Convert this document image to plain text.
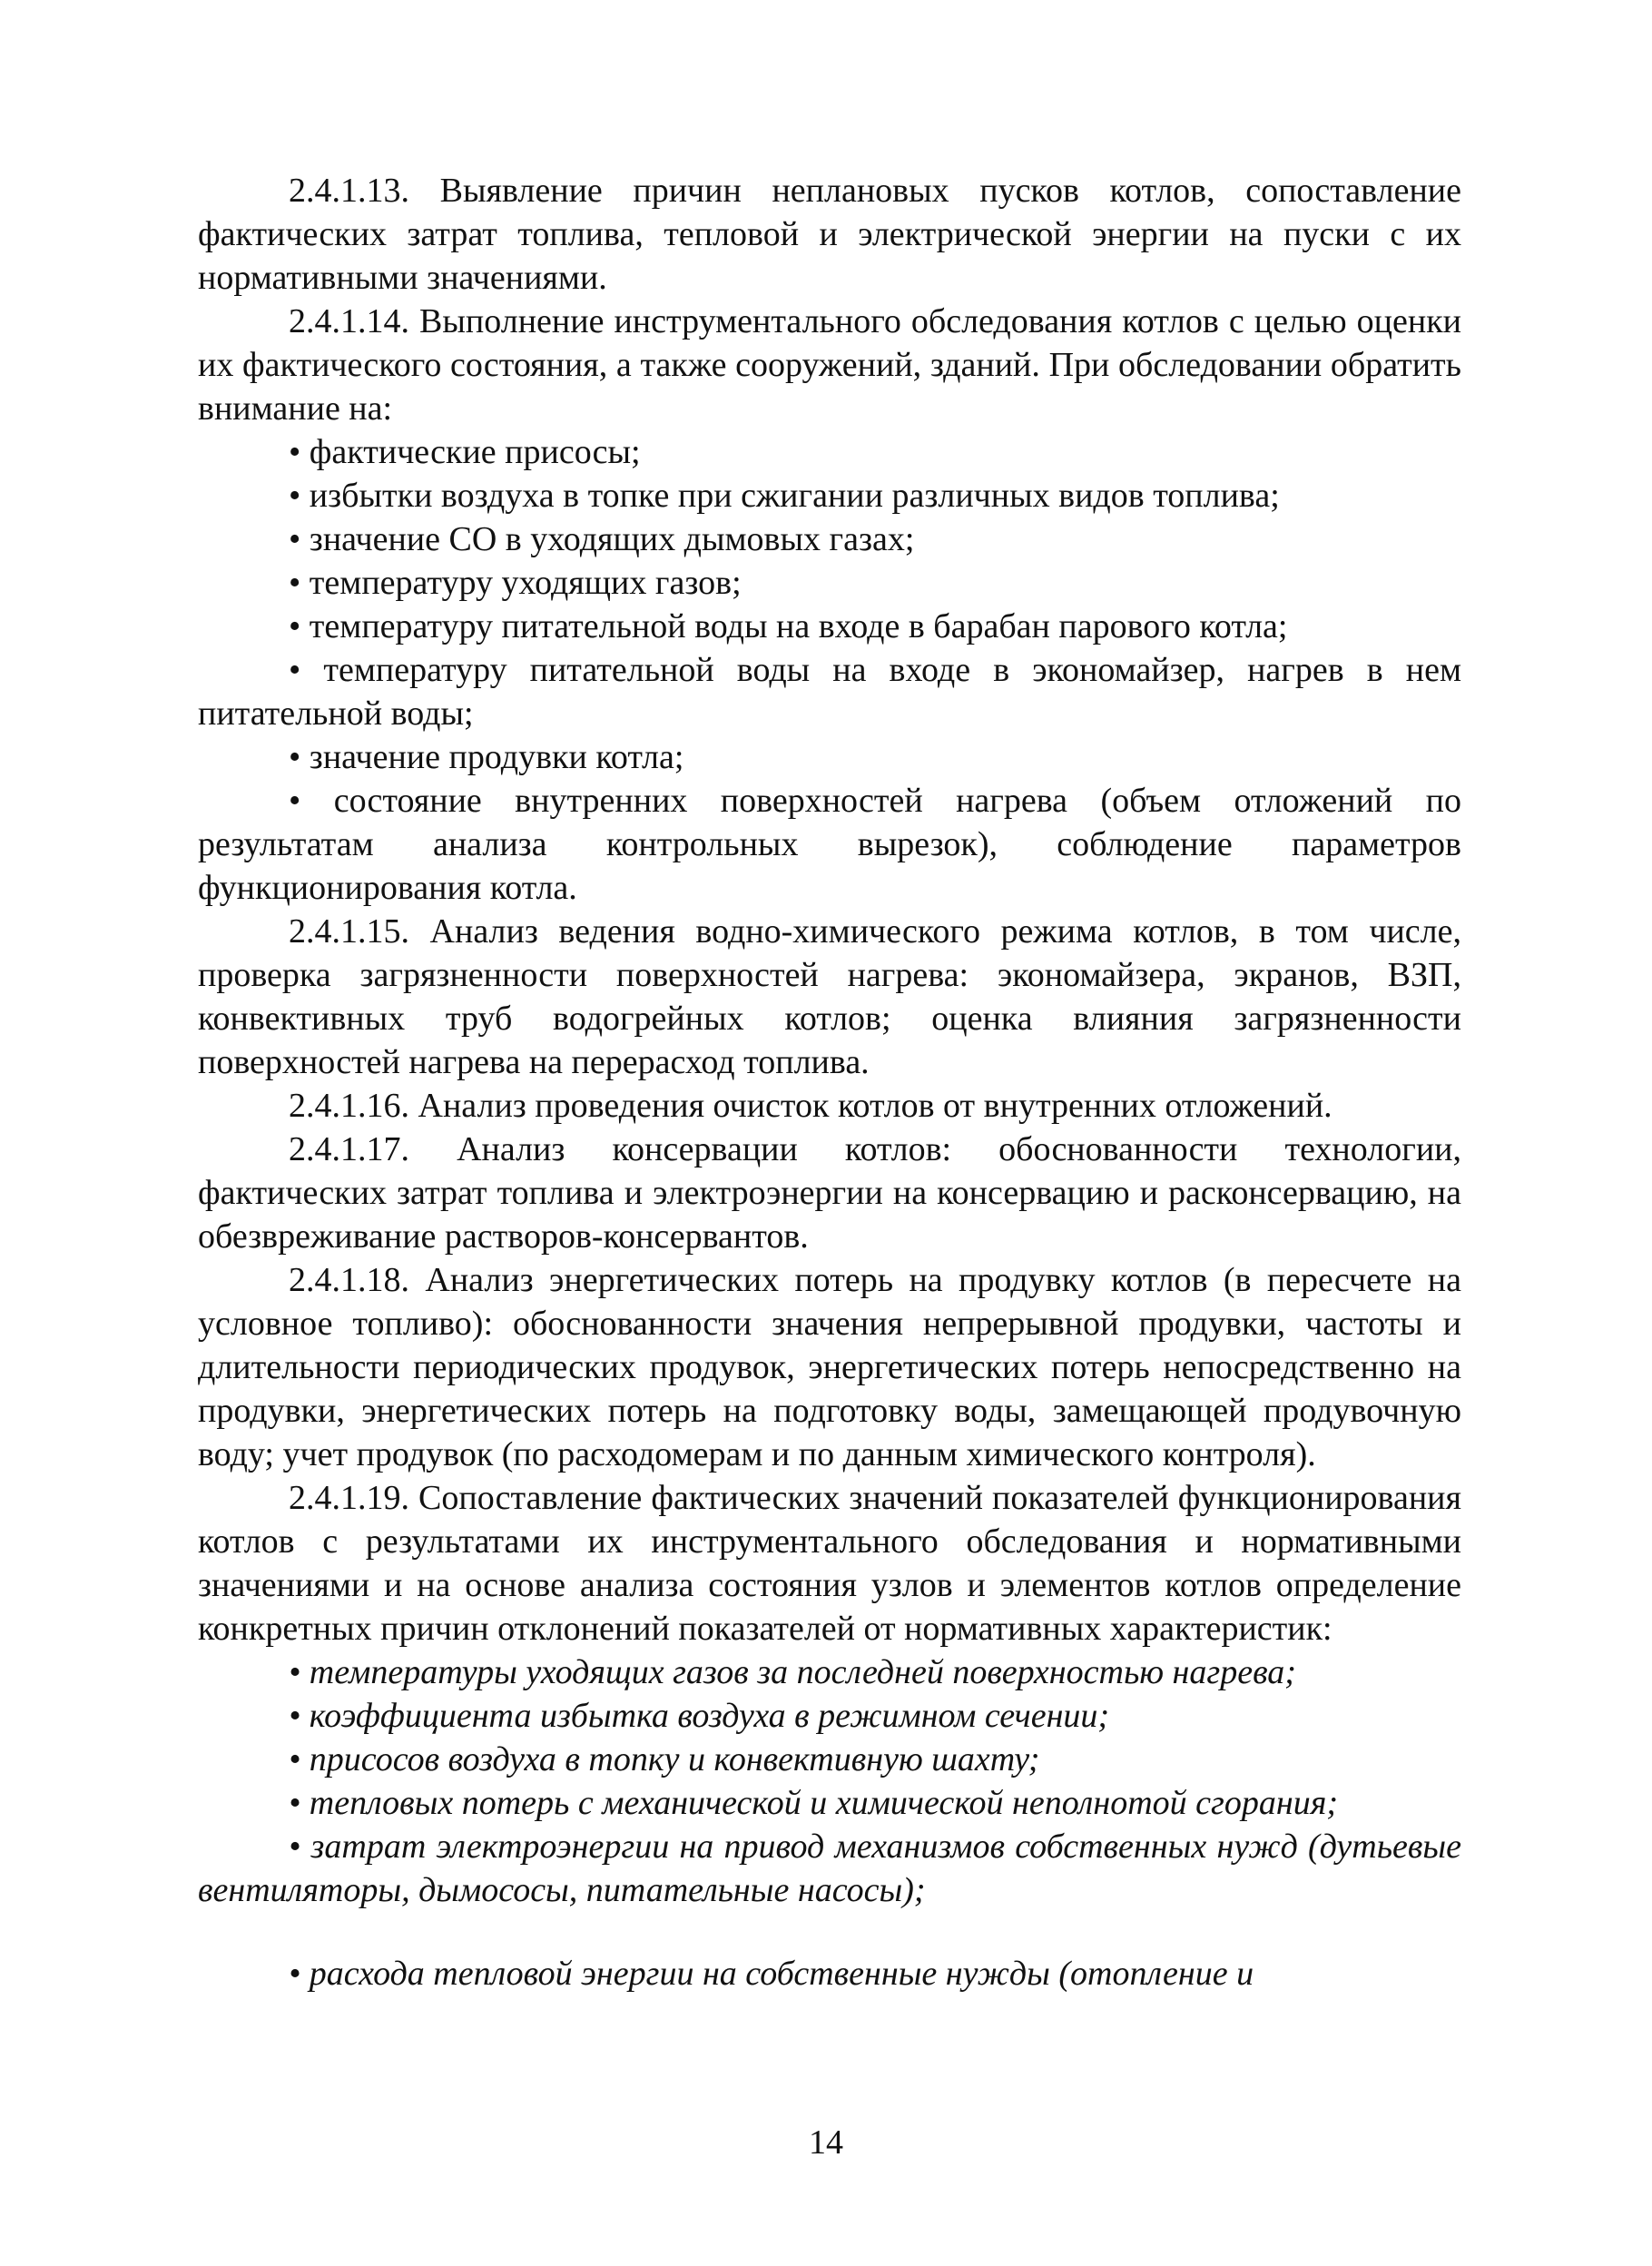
2.4.1.13. Выявление причин неплановых пусков котлов, сопоставление фактических затрат топлива, тепловой и электрической энергии на пуски с их нормативными значениями.

2.4.1.14. Выполнение инструментального обследования котлов с целью оценки их фактического состояния, а также сооружений, зданий. При обследовании обратить внимание на:

• фактические присосы;

• избытки воздуха в топке при сжигании различных видов топлива;

• значение СО в уходящих дымовых газах;

• температуру уходящих газов;

• температуру питательной воды на входе в барабан парового котла;

• температуру питательной воды на входе в экономайзер, нагрев в нем питательной воды;

• значение продувки котла;

• состояние внутренних поверхностей нагрева (объем отложений по результатам анализа контрольных вырезок), соблюдение параметров функционирования котла.

2.4.1.15. Анализ ведения водно-химического режима котлов, в том числе, проверка загрязненности поверхностей нагрева: экономайзера, экранов, ВЗП, конвективных труб водогрейных котлов; оценка влияния загрязненности поверхностей нагрева на перерасход топлива.

2.4.1.16. Анализ проведения очисток котлов от внутренних отложений.

2.4.1.17. Анализ консервации котлов: обоснованности технологии, фактических затрат топлива и электроэнергии на консервацию и расконсервацию, на обезвреживание растворов-консервантов.

2.4.1.18. Анализ энергетических потерь на продувку котлов (в пересчете на условное топливо): обоснованности значения непрерывной продувки, частоты и длительности периодических продувок, энергетических потерь непосредственно на продувки, энергетических потерь на подготовку воды, замещающей продувочную воду; учет продувок (по расходомерам и по данным химического контроля).

2.4.1.19. Сопоставление фактических значений показателей функционирования котлов с результатами их инструментального обследования и нормативными значениями и на основе анализа состояния узлов и элементов котлов определение конкретных причин отклонений показателей от нормативных характеристик:

• температуры уходящих газов за последней поверхностью нагрева;

• коэффициента избытка воздуха в режимном сечении;

• присосов воздуха в топку и конвективную шахту;

• тепловых потерь с механической и химической неполнотой сгорания;

• затрат электроэнергии на привод механизмов собственных нужд (дутьевые вентиляторы, дымососы, питательные насосы);

• расхода тепловой энергии на собственные нужды (отопление и

14
